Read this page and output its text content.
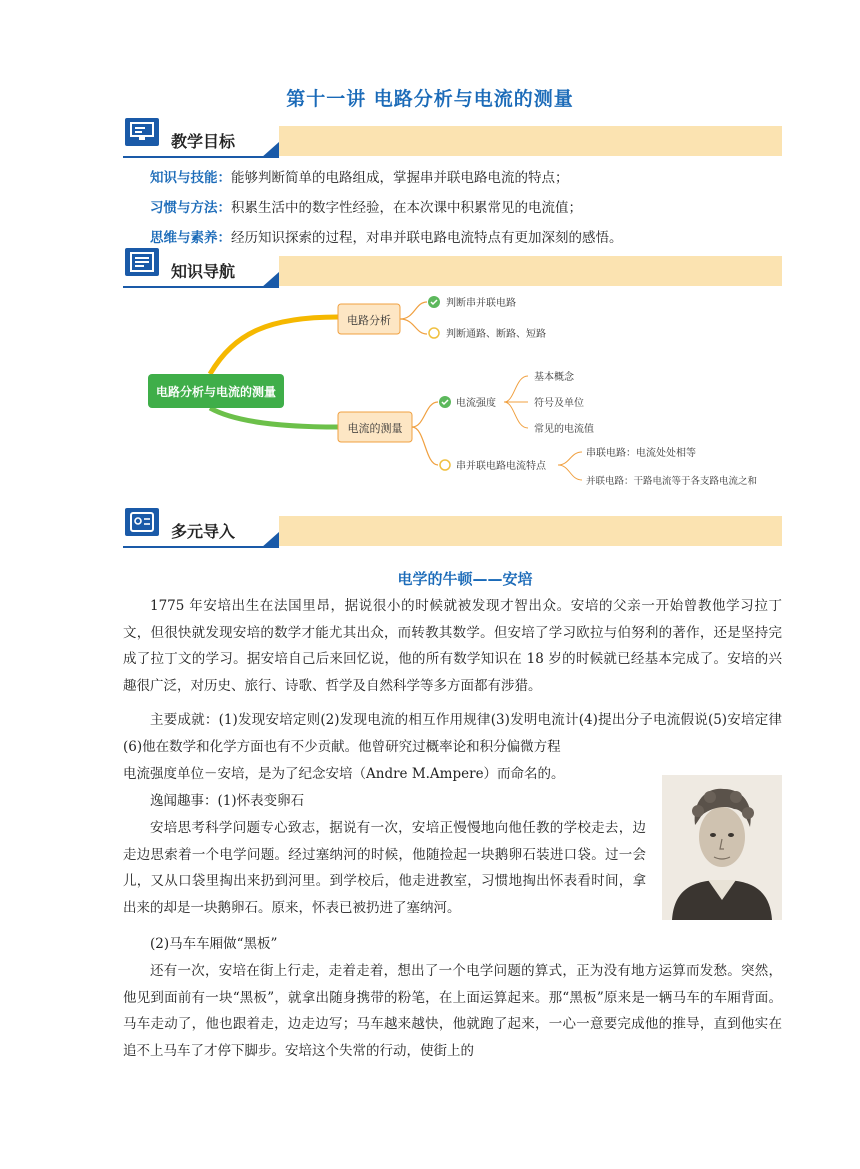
第十一讲 电路分析与电流的测量
教学目标
知识与技能：能够判断简单的电路组成，掌握串并联电路电流的特点；
习惯与方法：积累生活中的数字性经验，在本次课中积累常见的电流值；
思维与素养：经历知识探索的过程，对串并联电路电流特点有更加深刻的感悟。
知识导航
电路分析与电流的测量
电路分析
判断串并联电路
判断通路、断路、短路
电流的测量
电流强度
基本概念
符号及单位
常见的电流值
串并联电路电流特点
串联电路：电流处处相等
并联电路：干路电流等于各支路电流之和
多元导入
电学的牛顿——安培
1775 年安培出生在法国里昂，据说很小的时候就被发现才智出众。安培的父亲一开始曾教他学习拉丁文，但很快就发现安培的数学才能尤其出众，而转教其数学。但安培了学习欧拉与伯努利的著作，还是坚持完成了拉丁文的学习。据安培自己后来回忆说，他的所有数学知识在 18 岁的时候就已经基本完成了。安培的兴趣很广泛，对历史、旅行、诗歌、哲学及自然科学等多方面都有涉猎。
主要成就：(1)发现安培定则(2)发现电流的相互作用规律(3)发明电流计(4)提出分子电流假说(5)安培定律(6)他在数学和化学方面也有不少贡献。他曾研究过概率论和积分偏微方程
电流强度单位－安培，是为了纪念安培（Andre M.Ampere）而命名的。
逸闻趣事：(1)怀表变卵石
安培思考科学问题专心致志，据说有一次，安培正慢慢地向他任教的学校走去，边走边思索着一个电学问题。经过塞纳河的时候，他随捡起一块鹅卵石装进口袋。过一会儿，又从口袋里掏出来扔到河里。到学校后，他走进教室，习惯地掏出怀表看时间，拿出来的却是一块鹅卵石。原来，怀表已被扔进了塞纳河。
(2)马车车厢做“黑板”
还有一次，安培在街上行走，走着走着，想出了一个电学问题的算式，正为没有地方运算而发愁。突然，他见到面前有一块“黑板”，就拿出随身携带的粉笔，在上面运算起来。那“黑板”原来是一辆马车的车厢背面。马车走动了，他也跟着走，边走边写；马车越来越快，他就跑了起来，一心一意要完成他的推导，直到他实在追不上马车了才停下脚步。安培这个失常的行动，使街上的
